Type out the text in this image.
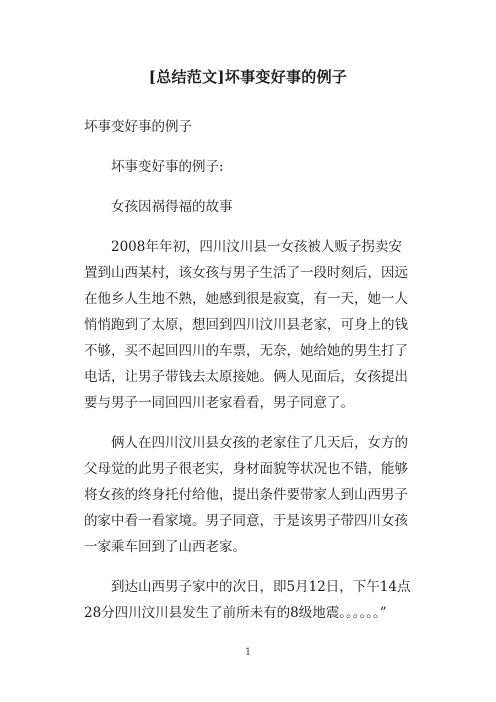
[总结范文]坏事变好事的例子

坏事变好事的例子

坏事变好事的例子:

女孩因祸得福的故事

2008年年初，四川汶川县一女孩被人贩子拐卖安置到山西某村，该女孩与男子生活了一段时刻后，因远在他乡人生地不熟，她感到很是寂寞，有一天，她一人悄悄跑到了太原，想回到四川汶川县老家，可身上的钱不够，买不起回四川的车票，无奈，她给她的男生打了电话，让男子带钱去太原接她。俩人见面后，女孩提出要与男子一同回四川老家看看，男子同意了。

俩人在四川汶川县女孩的老家住了几天后，女方的父母觉的此男子很老实，身材面貌等状况也不错，能够将女孩的终身托付给他，提出条件要带家人到山西男子的家中看一看家境。男子同意，于是该男子带四川女孩一家乘车回到了山西老家。

到达山西男子家中的次日，即5月12日，下午14点28分四川汶川县发生了前所未有的8级地震。。。。。。”

1
